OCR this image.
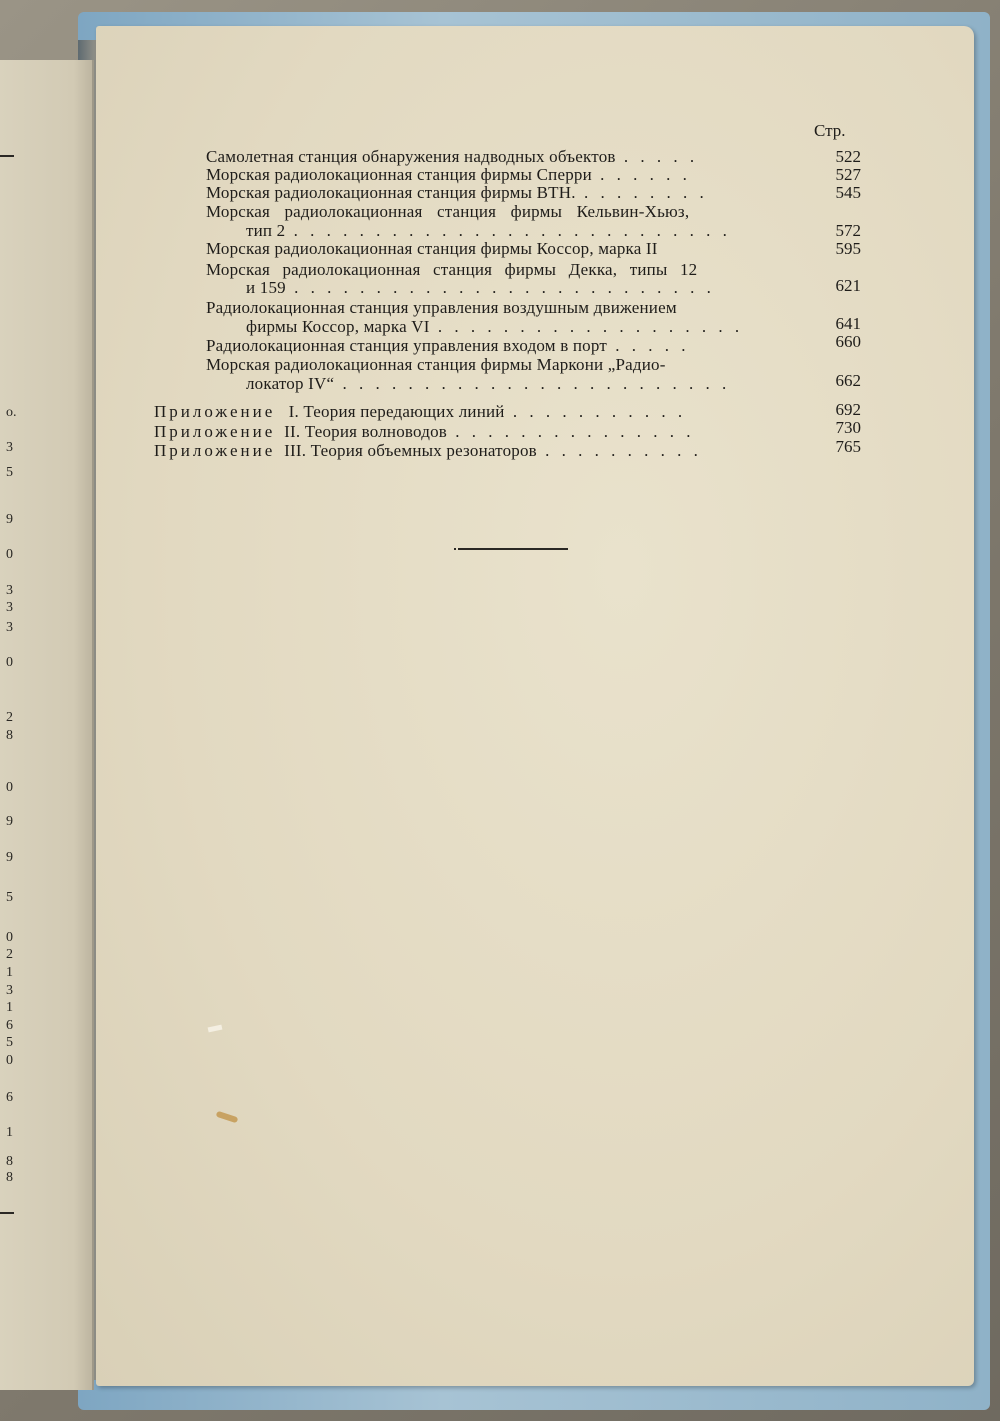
о.
3
5
9
0
3
3
3
0
2
8
0
9
9
5
0
2
1
3
1
6
5
0
6
1
8
8
Стр.
Самолетная станция обнаружения надводных объектов . . . . .	522
Морская радиолокационная станция фирмы Сперри . . . . . .	527
Морская радиолокационная станция фирмы BTH. . . . . . . . .	545
Морская радиолокационная станция фирмы Кельвин-Хьюз,
тип 2 . . . . . . . . . . . . . . . . . . . . . . . . . . .	572
Морская радиолокационная станция фирмы Коссор, марка II	595
Морская радиолокационная станция фирмы Декка, типы 12
и 159 . . . . . . . . . . . . . . . . . . . . . . . . . .	621
Радиолокационная станция управления воздушным движением
фирмы Коссор, марка VI . . . . . . . . . . . . . . . . . . .	641
Радиолокационная станция управления входом в порт . . . . .	660
Морская радиолокационная станция фирмы Маркони „Радио-
локатор IV“ . . . . . . . . . . . . . . . . . . . . . . . .	662
Приложение I. Теория передающих линий . . . . . . . . . . .	692
Приложение II. Теория волноводов . . . . . . . . . . . . . . .	730
Приложение III. Теория объемных резонаторов . . . . . . . . . .	765
